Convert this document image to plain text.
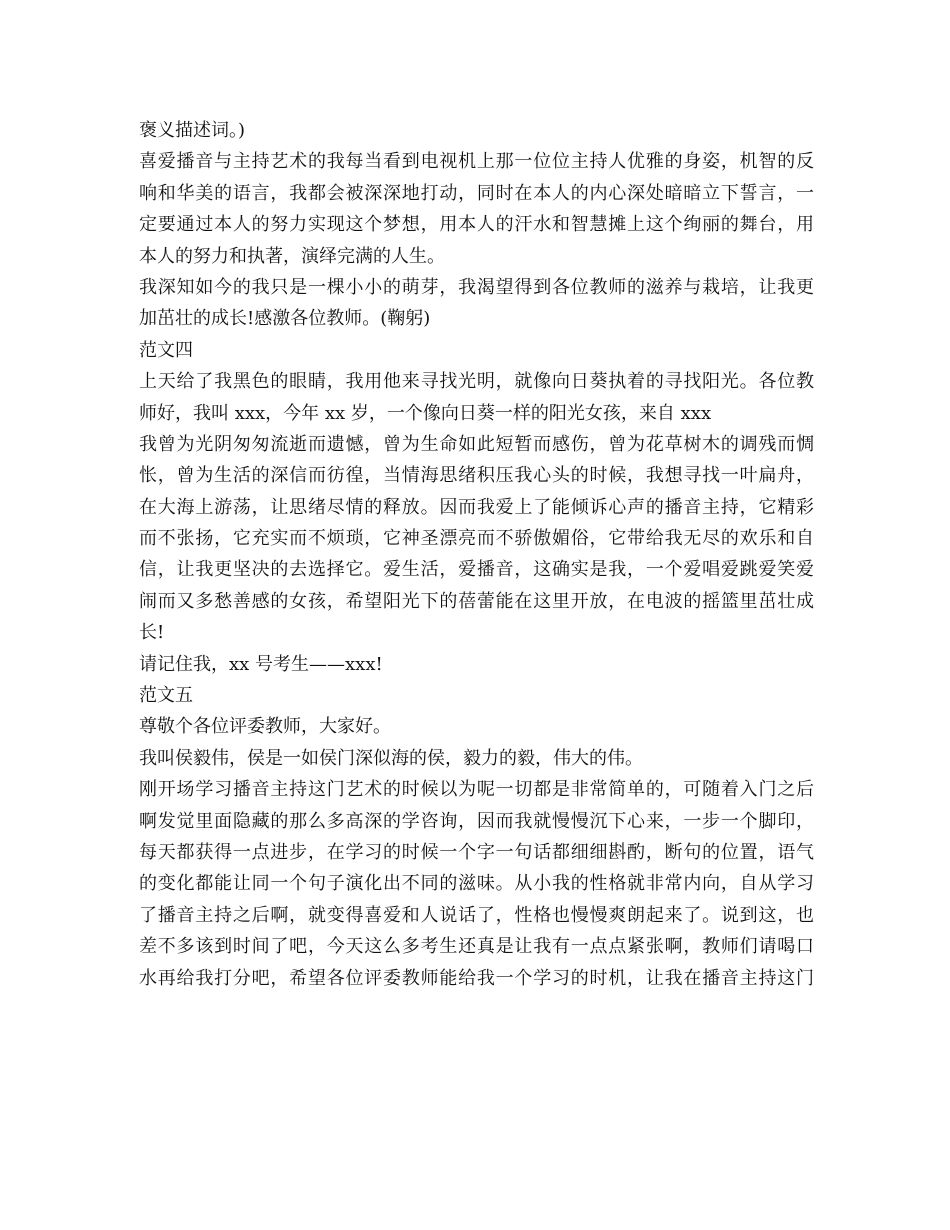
褒义描述词。)
喜爱播音与主持艺术的我每当看到电视机上那一位位主持人优雅的身姿，机智的反
响和华美的语言，我都会被深深地打动，同时在本人的内心深处暗暗立下誓言，一
定要通过本人的努力实现这个梦想，用本人的汗水和智慧摊上这个绚丽的舞台，用
本人的努力和执著，演绎完满的人生。
我深知如今的我只是一棵小小的萌芽，我渴望得到各位教师的滋养与栽培，让我更
加茁壮的成长!感激各位教师。(鞠躬)
范文四
上天给了我黑色的眼睛，我用他来寻找光明，就像向日葵执着的寻找阳光。各位教
师好，我叫 xxx，今年 xx 岁，一个像向日葵一样的阳光女孩，来自 xxx
我曾为光阴匆匆流逝而遗憾，曾为生命如此短暂而感伤，曾为花草树木的调残而惆
怅，曾为生活的深信而彷徨，当情海思绪积压我心头的时候，我想寻找一叶扁舟，
在大海上游荡，让思绪尽情的释放。因而我爱上了能倾诉心声的播音主持，它精彩
而不张扬，它充实而不烦琐，它神圣漂亮而不骄傲媚俗，它带给我无尽的欢乐和自
信，让我更坚决的去选择它。爱生活，爱播音，这确实是我，一个爱唱爱跳爱笑爱
闹而又多愁善感的女孩，希望阳光下的蓓蕾能在这里开放，在电波的摇篮里茁壮成
长!
请记住我，xx 号考生——xxx!
范文五
尊敬个各位评委教师，大家好。
我叫侯毅伟，侯是一如侯门深似海的侯，毅力的毅，伟大的伟。
刚开场学习播音主持这门艺术的时候以为呢一切都是非常简单的，可随着入门之后
啊发觉里面隐藏的那么多高深的学咨询，因而我就慢慢沉下心来，一步一个脚印，
每天都获得一点进步，在学习的时候一个字一句话都细细斟酌，断句的位置，语气
的变化都能让同一个句子演化出不同的滋味。从小我的性格就非常内向，自从学习
了播音主持之后啊，就变得喜爱和人说话了，性格也慢慢爽朗起来了。说到这，也
差不多该到时间了吧，今天这么多考生还真是让我有一点点紧张啊，教师们请喝口
水再给我打分吧，希望各位评委教师能给我一个学习的时机，让我在播音主持这门
